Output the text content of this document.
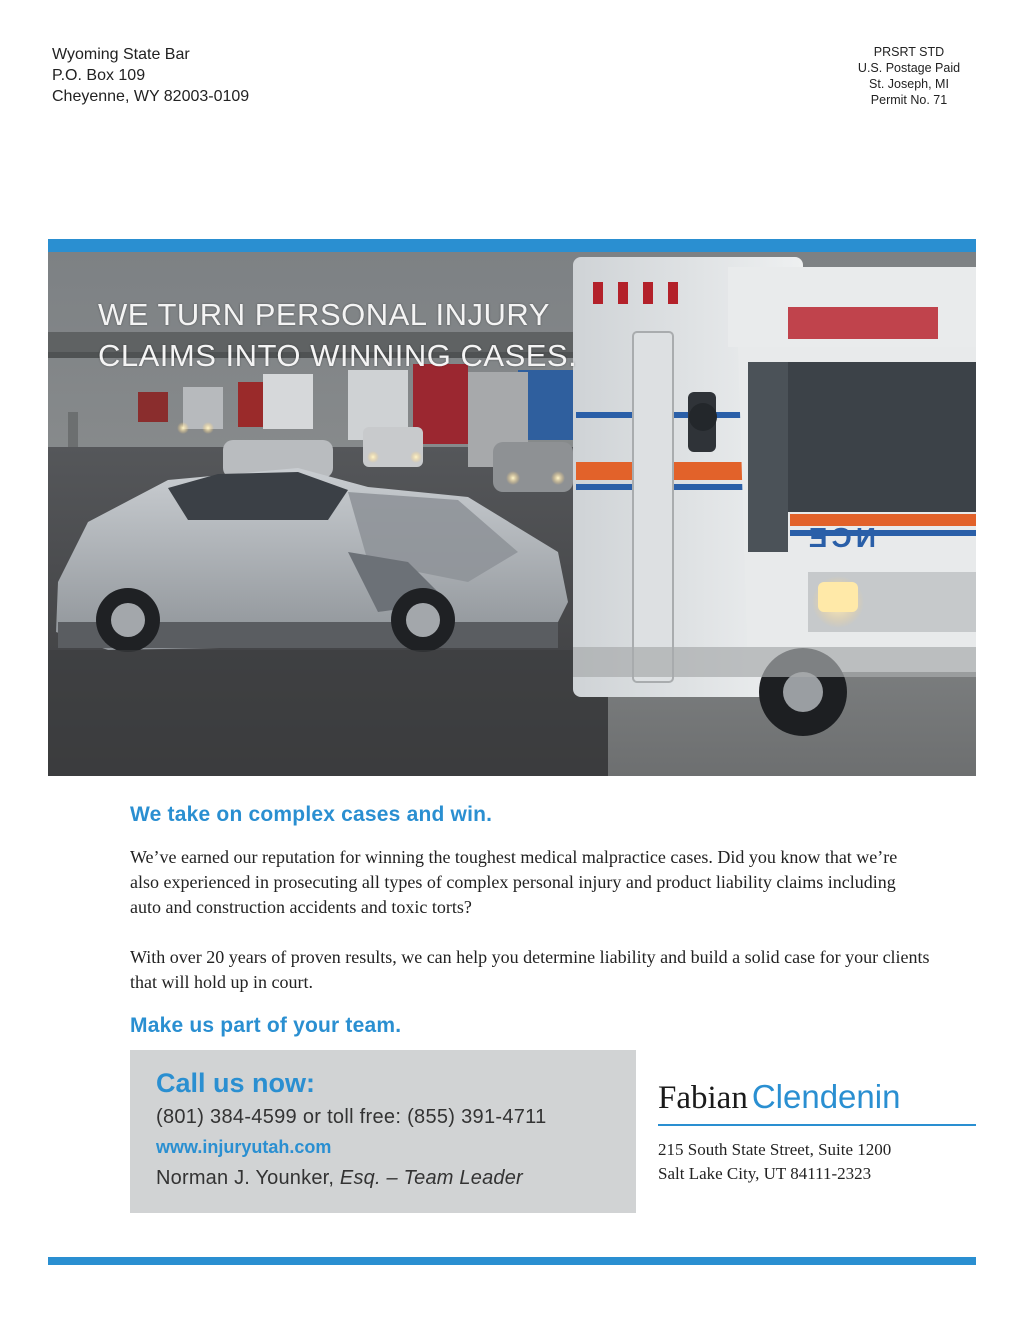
Wyoming State Bar
P.O. Box 109
Cheyenne, WY 82003-0109
PRSRT STD
U.S. Postage Paid
St. Joseph, MI
Permit No. 71
NCE
WE TURN PERSONAL INJURY
CLAIMS INTO WINNING CASES.
We take on complex cases and win.

We’ve earned our reputation for winning the toughest medical malpractice cases. Did you know that we’re also experienced in prosecuting all types of complex personal injury and product liability claims including auto and construction accidents and toxic torts?

With over 20 years of proven results, we can help you determine liability and build a solid case for your clients that will hold up in court.

Make us part of your team.
Call us now:
(801) 384-4599 or toll free: (855) 391-4711
www.injuryutah.com
Norman J. Younker, Esq. – Team Leader
Fabian Clendenin
215 South State Street, Suite 1200
Salt Lake City, UT 84111-2323
